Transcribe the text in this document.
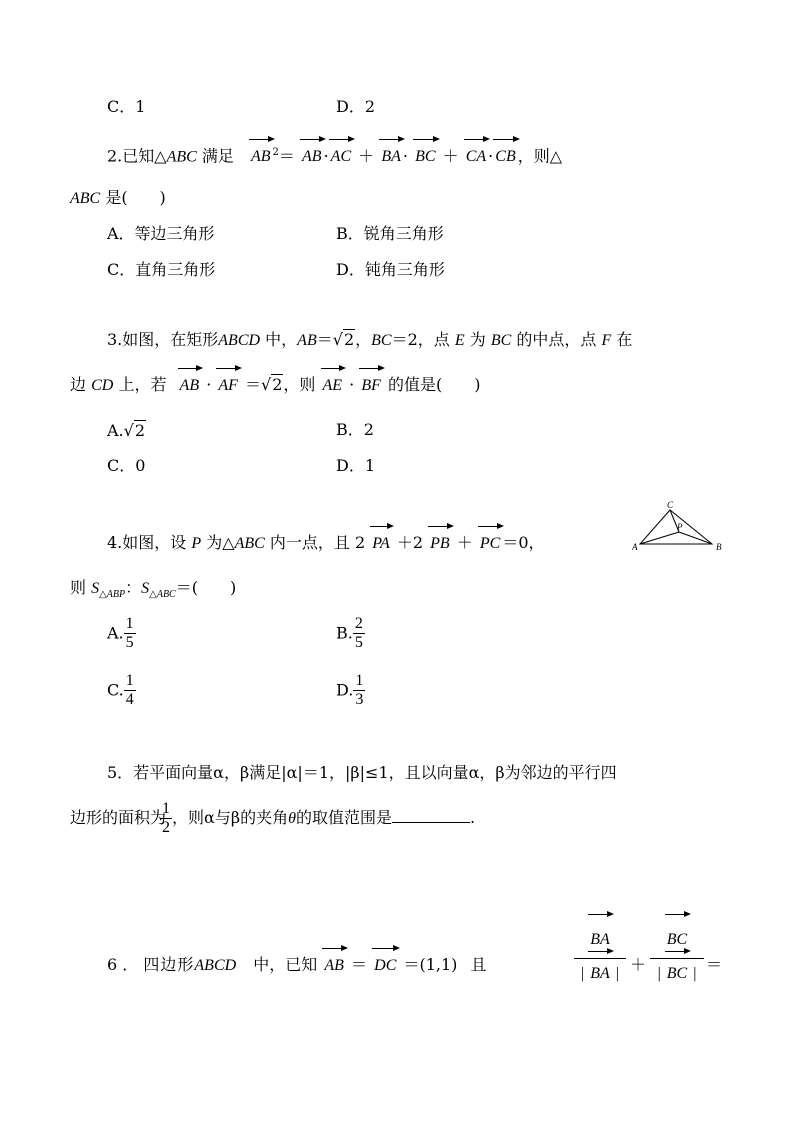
C．1	D．2
2.已知△ABC 满足 AB $^2$＝ AB · AC ＋ BA · BC ＋ CA · CB ，则△
ABC 是(　　)
A．等边三角形	B．锐角三角形
C．直角三角形	D．钝角三角形
3.如图，在矩形ABCD 中，AB＝√2，BC＝2，点 E 为 BC 的中点，点 F 在
边 CD 上，若 AB · AF ＝√2，则 AE · BF 的值是(　　)
A.√2	B．2
C．0	D．1
4.如图，设 P 为△ABC 内一点，且 2 PA ＋2 PB ＋ PC ＝0，
C
P
A	B
则 $S_{\triangle ABP}$：$S_{\triangle ABC}=$(　　)
A. $\frac{1}{5}$	B. $\frac{2}{5}$
C. $\frac{1}{4}$	D. $\frac{1}{3}$
5．若平面向量α，β满足|α|＝1，|β|≤1，且以向量α，β为邻边的平行四
边形的面积为
$\frac{1}{2}$ ，则α与β的夹角θ的取值范围是	.
6 ． 四边形ABCD 中，已知 AB ＝ DC ＝(1,1) 且
BA
| BA | ＋
BC
| BC | ＝
